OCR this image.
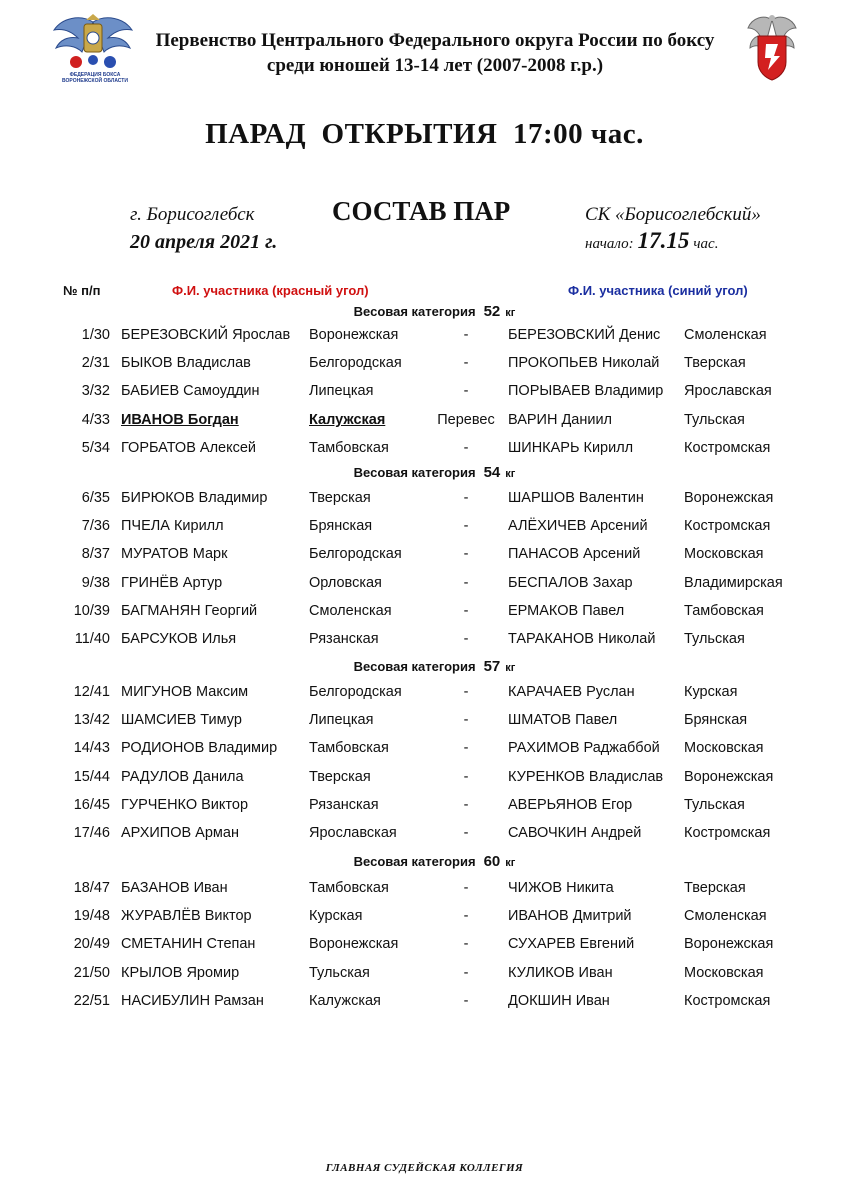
ФЕДЕРАЦИЯ БОКСА ВОРОНЕЖСКОЙ ОБЛАСТИ
Первенство Центрального Федерального округа России по боксу
среди юношей 13-14 лет (2007-2008 г.р.)
ПАРАД  ОТКРЫТИЯ  17:00 час.
г. Борисоглебск
20 апреля 2021 г.
СОСТАВ ПАР	СК «Борисоглебский»
начало: 17.15 час.
№ п/п	Ф.И. участника (красный угол)	Ф.И. участника (синий угол)
Весовая категория 52 кг
1/30 БЕРЕЗОВСКИЙ Ярослав Воронежская	-	БЕРЕЗОВСКИЙ Денис Смоленская
2/31 БЫКОВ Владислав	Белгородская	-	ПРОКОПЬЕВ Николай Тверская
3/32 БАБИЕВ Самоуддин	Липецкая	-	ПОРЫВАЕВ Владимир Ярославская
4/33 ИВАНОВ Богдан	Калужская	Перевес ВАРИН Даниил	Тульская
5/34 ГОРБАТОВ Алексей	Тамбовская	-	ШИНКАРЬ Кирилл	Костромская
Весовая категория 54 кг
6/35 БИРЮКОВ Владимир	Тверская	-	ШАРШОВ Валентин	Воронежская
7/36 ПЧЕЛА Кирилл	Брянская	-	АЛЁХИЧЕВ Арсений	Костромская
8/37 МУРАТОВ Марк	Белгородская	-	ПАНАСОВ Арсений	Московская
9/38 ГРИНЁВ Артур	Орловская	-	БЕСПАЛОВ Захар	Владимирская
10/39 БАГМАНЯН Георгий	Смоленская	-	ЕРМАКОВ Павел	Тамбовская
11/40 БАРСУКОВ Илья	Рязанская	-	ТАРАКАНОВ Николай Тульская
Весовая категория 57 кг
12/41 МИГУНОВ Максим	Белгородская	-	КАРАЧАЕВ Руслан	Курская
13/42 ШАМСИЕВ Тимур	Липецкая	-	ШМАТОВ Павел	Брянская
14/43 РОДИОНОВ Владимир Тамбовская	-	РАХИМОВ Раджаббой Московская
15/44 РАДУЛОВ Данила	Тверская	-	КУРЕНКОВ Владислав Воронежская
16/45 ГУРЧЕНКО Виктор	Рязанская	-	АВЕРЬЯНОВ Егор	Тульская
17/46 АРХИПОВ Арман	Ярославская	-	САВОЧКИН Андрей	Костромская
Весовая категория 60 кг
18/47 БАЗАНОВ Иван	Тамбовская	-	ЧИЖОВ Никита	Тверская
19/48 ЖУРАВЛЁВ Виктор	Курская	-	ИВАНОВ Дмитрий	Смоленская
20/49 СМЕТАНИН Степан	Воронежская	-	СУХАРЕВ Евгений	Воронежская
21/50 КРЫЛОВ Яромир	Тульская	-	КУЛИКОВ Иван	Московская
22/51 НАСИБУЛИН Рамзан	Калужская	-	ДОКШИН Иван	Костромская
ГЛАВНАЯ СУДЕЙСКАЯ КОЛЛЕГИЯ
